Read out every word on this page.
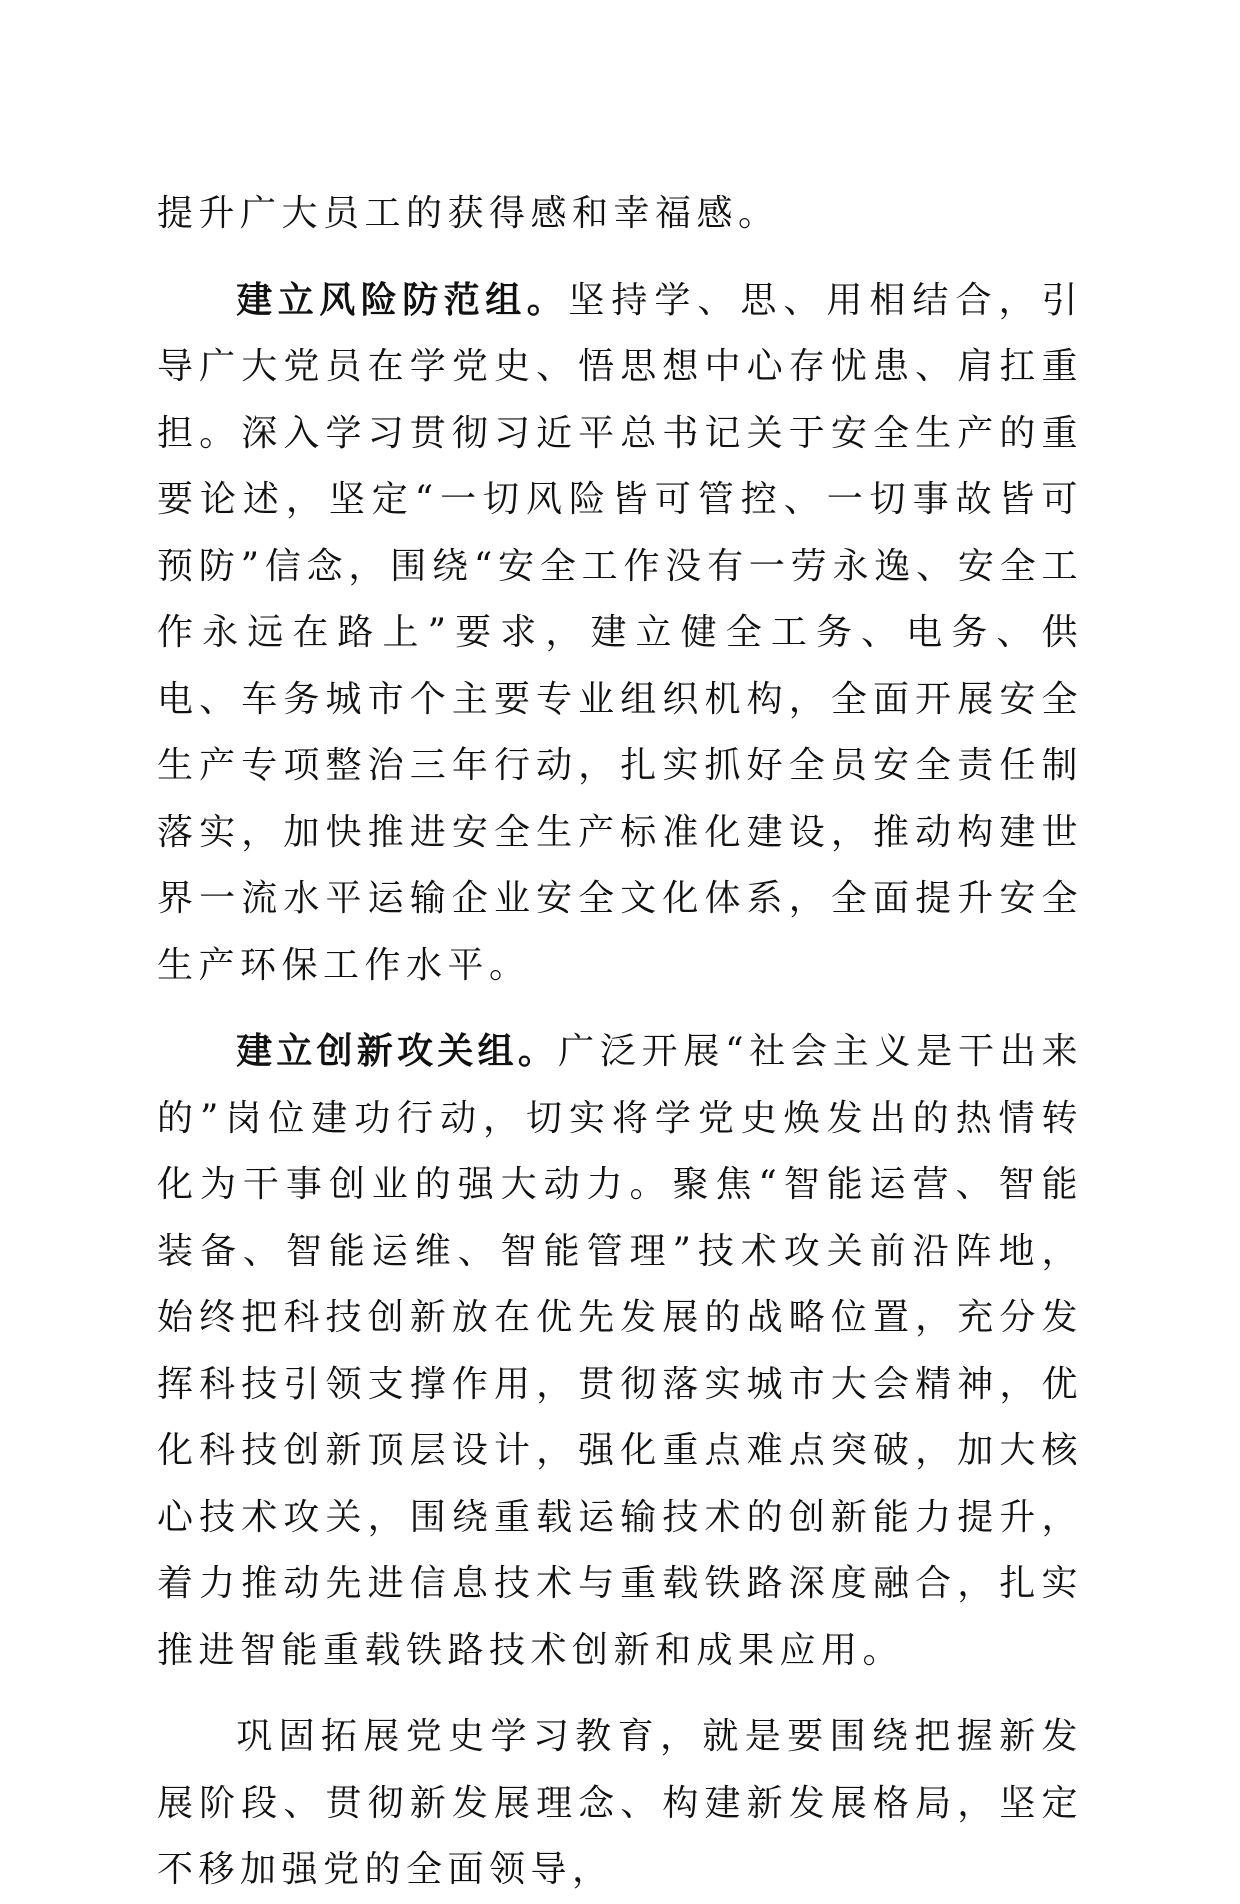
提升广大员工的获得感和幸福感。

建立风险防范组。坚持学、思、用相结合，引导广大党员在学党史、悟思想中心存忧患、肩扛重担。深入学习贯彻习近平总书记关于安全生产的重要论述，坚定“一切风险皆可管控、一切事故皆可预防”信念，围绕“安全工作没有一劳永逸、安全工作永远在路上”要求，建立健全工务、电务、供电、车务城市个主要专业组织机构，全面开展安全生产专项整治三年行动，扎实抓好全员安全责任制落实，加快推进安全生产标准化建设，推动构建世界一流水平运输企业安全文化体系，全面提升安全生产环保工作水平。

建立创新攻关组。广泛开展“社会主义是干出来的”岗位建功行动，切实将学党史焕发出的热情转化为干事创业的强大动力。聚焦“智能运营、智能装备、智能运维、智能管理”技术攻关前沿阵地，始终把科技创新放在优先发展的战略位置，充分发挥科技引领支撑作用，贯彻落实城市大会精神，优化科技创新顶层设计，强化重点难点突破，加大核心技术攻关，围绕重载运输技术的创新能力提升，着力推动先进信息技术与重载铁路深度融合，扎实推进智能重载铁路技术创新和成果应用。

巩固拓展党史学习教育，就是要围绕把握新发展阶段、贯彻新发展理念、构建新发展格局，坚定不移加强党的全面领导，
